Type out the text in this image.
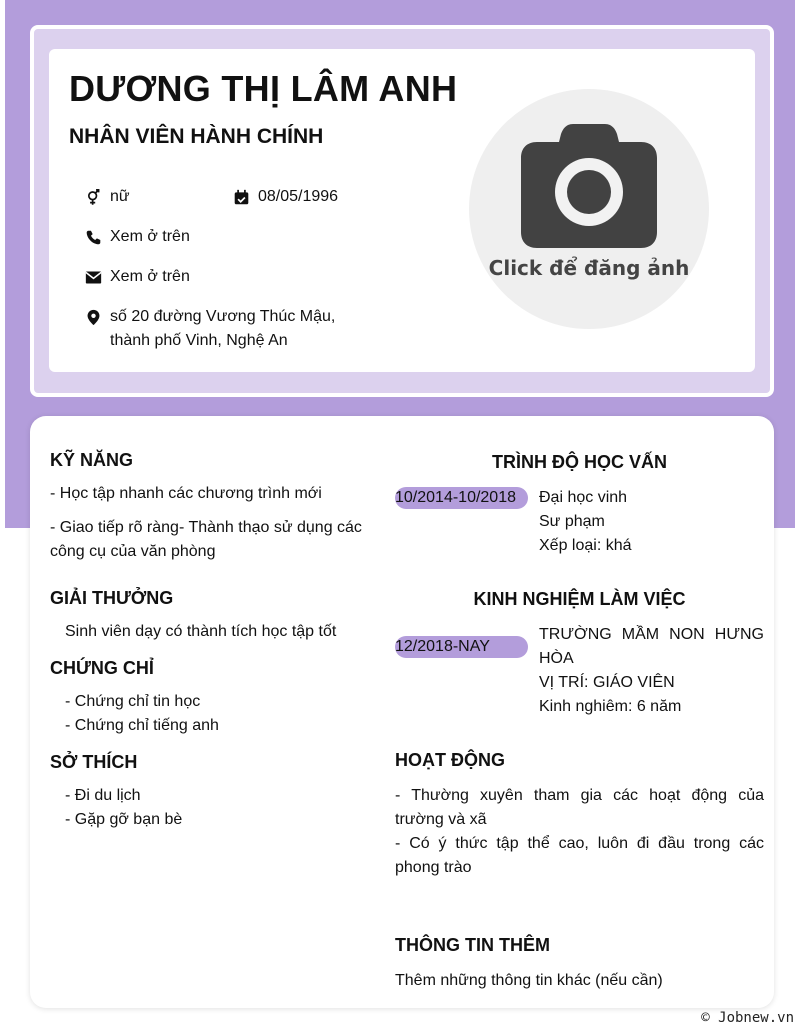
DƯƠNG THỊ LÂM ANH
NHÂN VIÊN HÀNH CHÍNH
nữ	08/05/1996
Xem ở trên
Xem ở trên
số 20 đường Vương Thúc Mậu,
thành phố Vinh, Nghệ An
Click để đăng ảnh
KỸ NĂNG

- Học tập nhanh các chương trình mới

- Giao tiếp rõ ràng- Thành thạo sử dụng các

công cụ của văn phòng

GIẢI THƯỞNG

Sinh viên dạy có thành tích học tập tốt

CHỨNG CHỈ

- Chứng chỉ tin học

- Chứng chỉ tiếng anh

SỞ THÍCH

- Đi du lịch

- Gặp gỡ bạn bè

TRÌNH ĐỘ HỌC VẤN
10/2014-10/2018	Đại học vinh

Sư phạm

Xếp loại: khá

KINH NGHIỆM LÀM VIỆC
12/2018-NAY

TRƯỜNG MẦM NON HƯNG

HÒA

VỊ TRÍ: GIÁO VIÊN

Kinh nghiêm: 6 năm

HOẠT ĐỘNG

- Thường xuyên tham gia các hoạt động của

trường và xã

- Có ý thức tập thể cao, luôn đi đầu trong các

phong trào

THÔNG TIN THÊM

Thêm những thông tin khác (nếu cần)

© Jobnew.vn
